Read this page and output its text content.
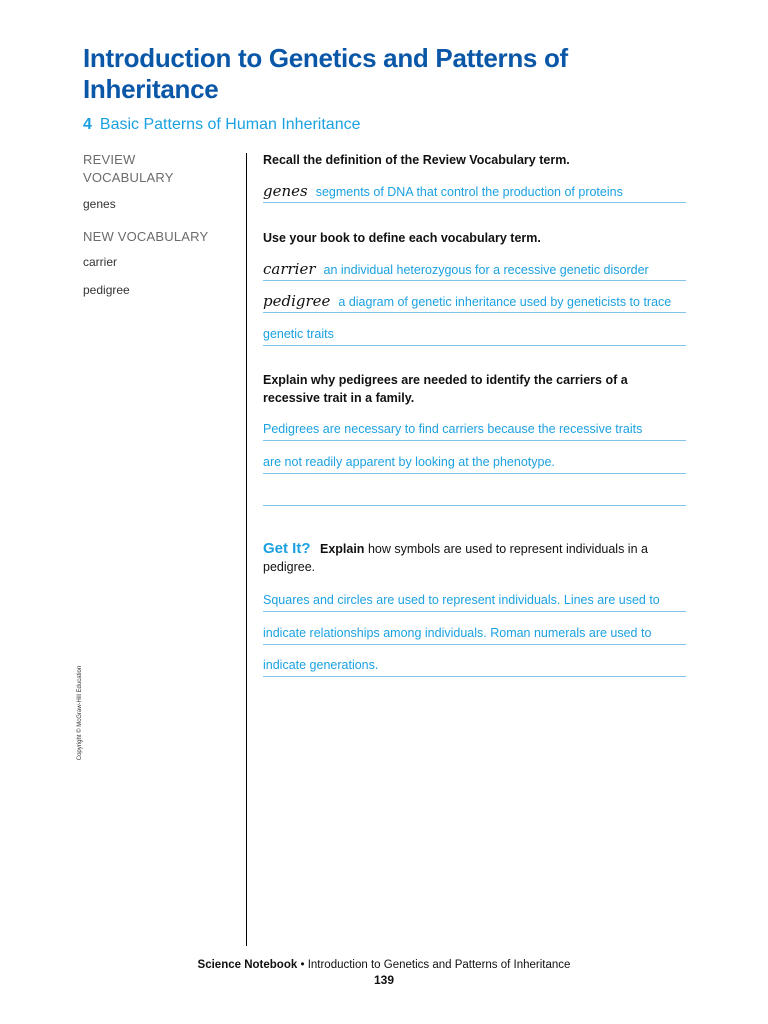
Introduction to Genetics and Patterns of Inheritance
4 Basic Patterns of Human Inheritance
REVIEW VOCABULARY
genes
NEW VOCABULARY
carrier
pedigree
Recall the definition of the Review Vocabulary term.
genes segments of DNA that control the production of proteins
Use your book to define each vocabulary term.
carrier an individual heterozygous for a recessive genetic disorder
pedigree a diagram of genetic inheritance used by geneticists to trace
genetic traits
Explain why pedigrees are needed to identify the carriers of a recessive trait in a family.
Pedigrees are necessary to find carriers because the recessive traits
are not readily apparent by looking at the phenotype.
Get It? Explain how symbols are used to represent individuals in a pedigree.
Squares and circles are used to represent individuals. Lines are used to
indicate relationships among individuals. Roman numerals are used to
indicate generations.
Copyright © McGraw-Hill Education
Science Notebook • Introduction to Genetics and Patterns of Inheritance
139
